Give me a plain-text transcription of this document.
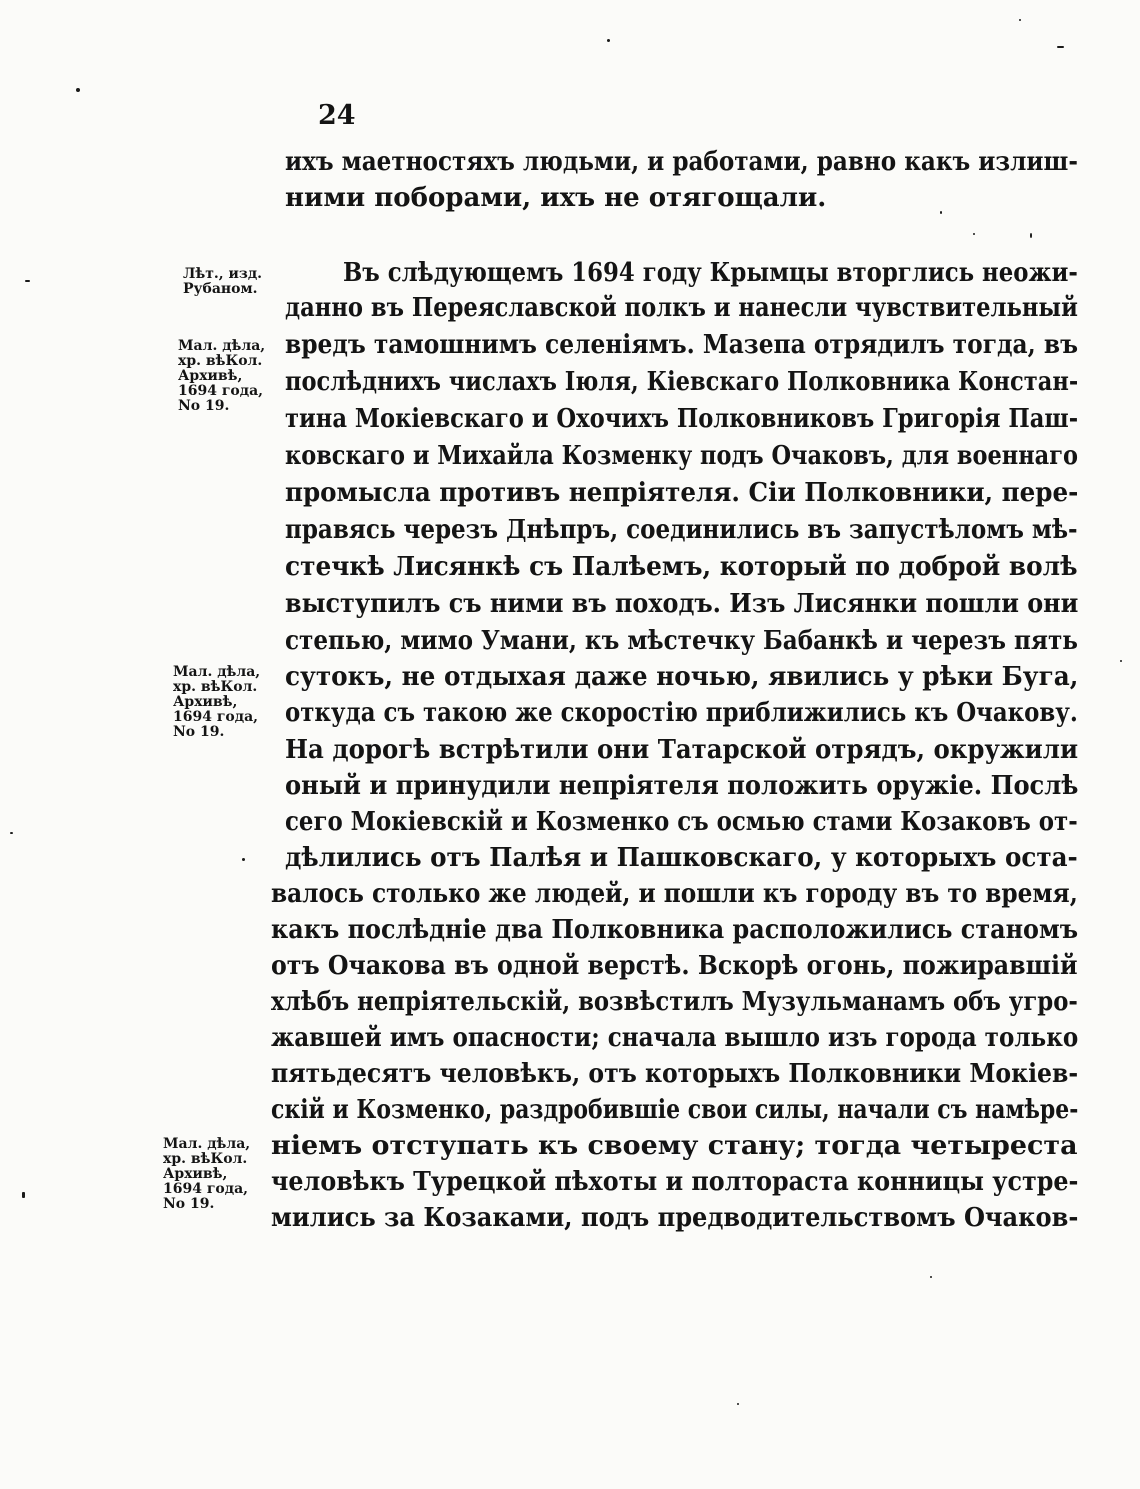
24
ихъ маетностяхъ людьми, и работами, равно какъ излиш-
ними поборами, ихъ не отягощали.
Въ слѣдующемъ 1694 году Крымцы вторглись неожи-
данно въ Переяславской полкъ и нанесли чувствительный
вредъ тамошнимъ селеніямъ. Мазепа отрядилъ тогда, въ
послѣднихъ числахъ Іюля, Кіевскаго Полковника Констан-
тина Мокіевскаго и Охочихъ Полковниковъ Григорія Паш-
ковскаго и Михайла Козменку подъ Очаковъ, для военнаго
промысла противъ непріятеля. Сіи Полковники, пере-
правясь черезъ Днѣпръ, соединились въ запустѣломъ мѣ-
стечкѣ Лисянкѣ съ Палѣемъ, который по доброй волѣ
выступилъ съ ними въ походъ. Изъ Лисянки пошли они
степью, мимо Умани, къ мѣстечку Бабанкѣ и черезъ пять
сутокъ, не отдыхая даже ночью, явились у рѣки Буга,
откуда съ такою же скоростію приближились къ Очакову.
На дорогѣ встрѣтили они Татарской отрядъ, окружили
оный и принудили непріятеля положить оружіе. Послѣ
сего Мокіевскій и Козменко съ осмью стами Козаковъ от-
дѣлились отъ Палѣя и Пашковскаго, у которыхъ оста-
валось столько же людей, и пошли къ городу въ то время,
какъ послѣдніе два Полковника расположились станомъ
отъ Очакова въ одной верстѣ. Вскорѣ огонь, пожиравшій
хлѣбъ непріятельскій, возвѣстилъ Музульманамъ объ угро-
жавшей имъ опасности; сначала вышло изъ города только
пятьдесятъ человѣкъ, отъ которыхъ Полковники Мокіев-
скій и Козменко, раздробившіе свои силы, начали съ намѣре-
ніемъ отступать къ своему стану; тогда четыреста
человѣкъ Турецкой пѣхоты и полтораста конницы устре-
мились за Козаками, подъ предводительствомъ Очаков-
Лѣт., изд.
Рубаном.
Мал. дѣла,
хр. вѣКол.
Архивѣ,
1694 года,
No 19.
Мал. дѣла,
хр. вѣКол.
Архивѣ,
1694 года,
No 19.
Мал. дѣла,
хр. вѣКол.
Архивѣ,
1694 года,
No 19.
